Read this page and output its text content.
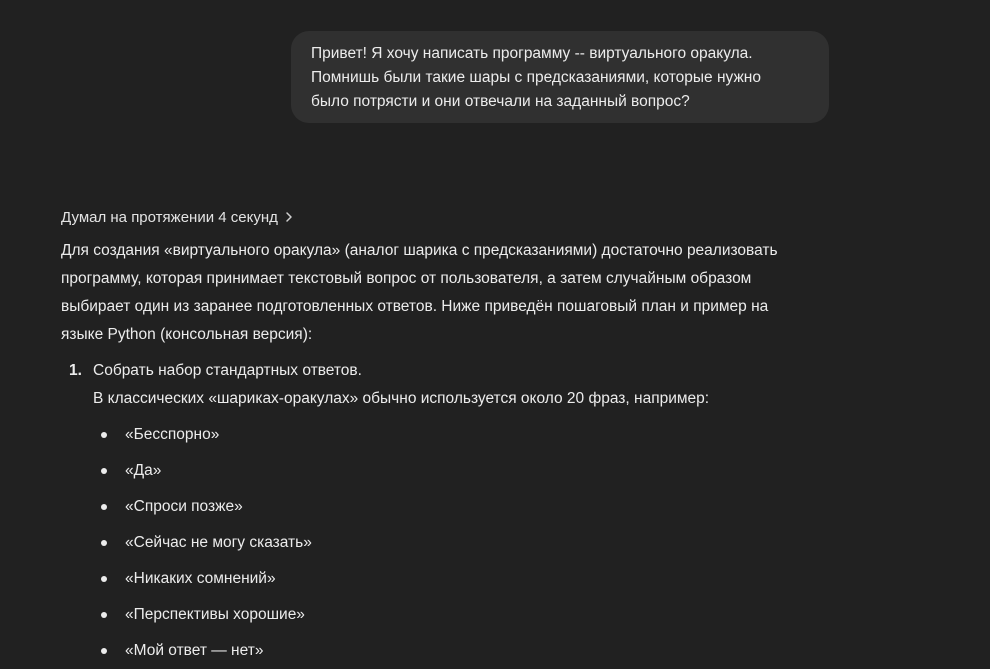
Привет! Я хочу написать программу -- виртуального оракула.

Помнишь были такие шары с предсказаниями, которые нужно

было потрясти и они отвечали на заданный вопрос?

Думал на протяжении 4 секунд

Для создания «виртуального оракула» (аналог шарика с предсказаниями) достаточно реализовать

программу, которая принимает текстовый вопрос от пользователя, а затем случайным образом

выбирает один из заранее подготовленных ответов. Ниже приведён пошаговый план и пример на

языке Python (консольная версия):

1. Собрать набор стандартных ответов.

В классических «шариках-оракулах» обычно используется около 20 фраз, например:

«Бесспорно»
«Да»
«Спроси позже»
«Сейчас не могу сказать»
«Никаких сомнений»
«Перспективы хорошие»
«Мой ответ — нет»
